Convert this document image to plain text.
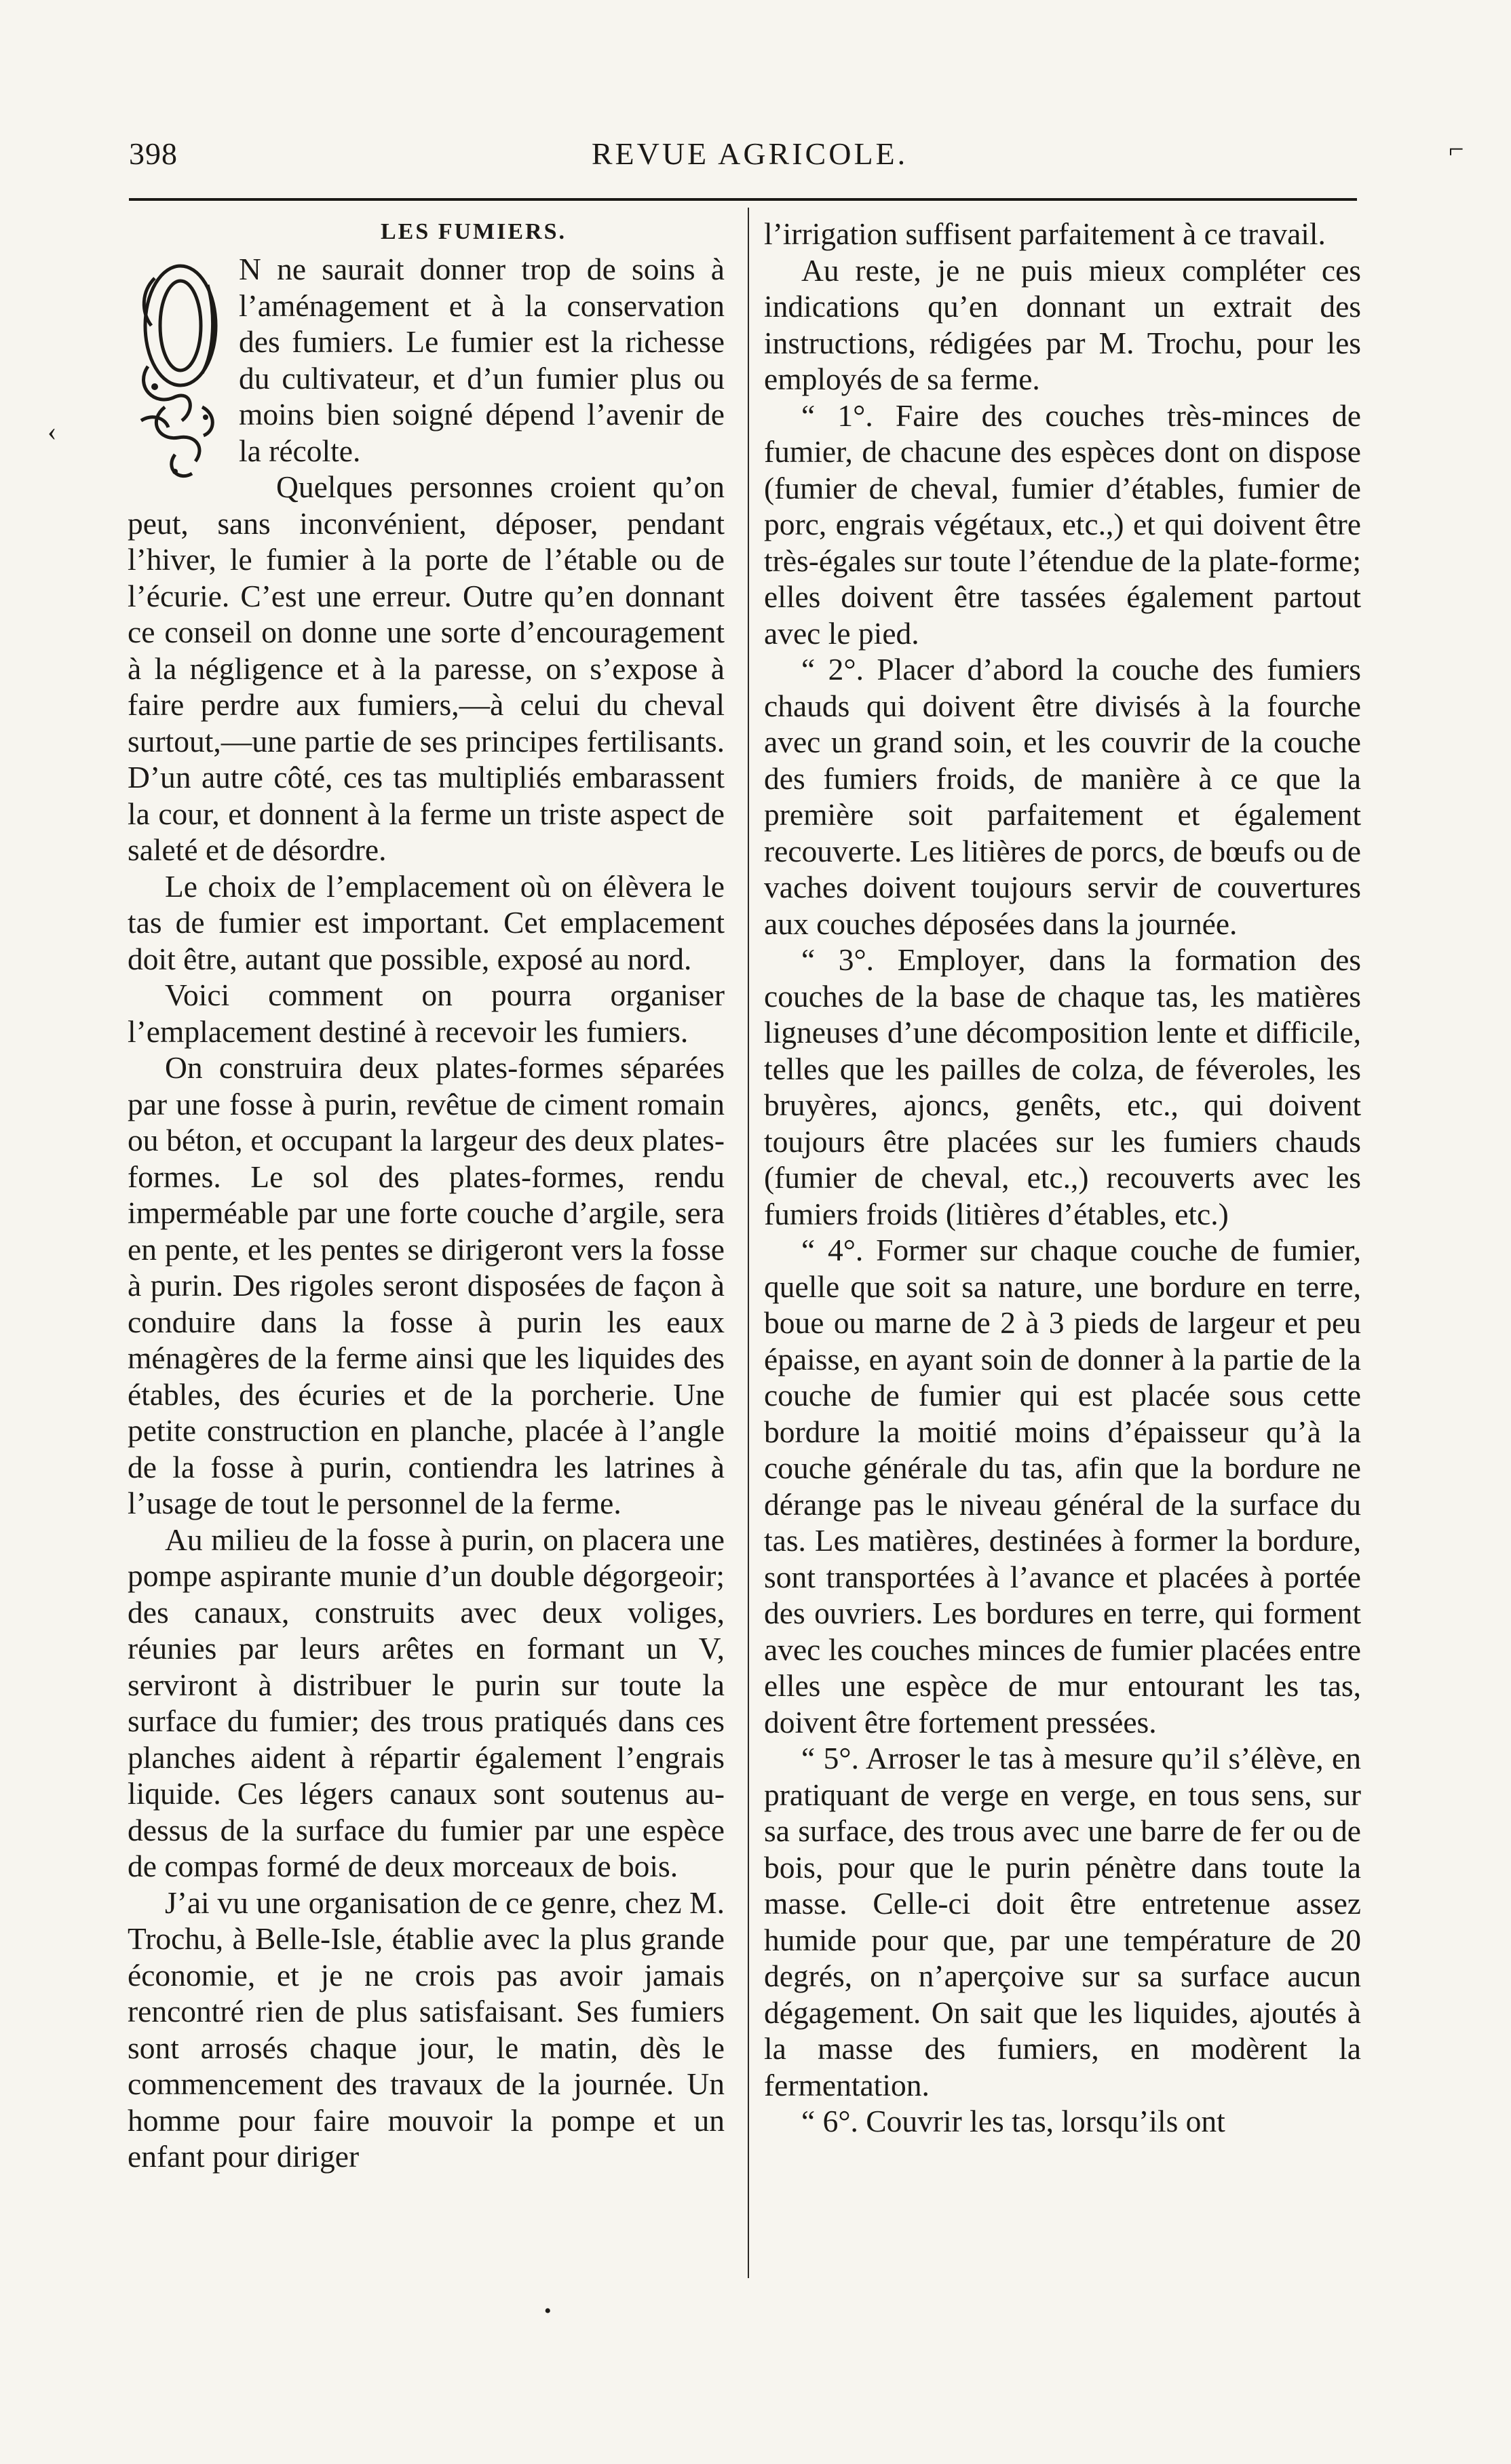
398	REVUE AGRICOLE.	⌐
LES FUMIERS.

N ne saurait donner trop de soins à l’aménagement et à la conservation des fumiers. Le fumier est la richesse du cultivateur, et d’un fumier plus ou moins bien soigné dépend l’avenir de la récolte.

Quelques personnes croient qu’on peut, sans inconvénient, déposer, pendant l’hiver, le fumier à la porte de l’étable ou de l’écurie. C’est une erreur. Outre qu’en donnant ce conseil on donne une sorte d’encouragement à la négligence et à la paresse, on s’expose à faire perdre aux fumiers,—à celui du cheval surtout,—une partie de ses principes fertilisants. D’un autre côté, ces tas multipliés embarassent la cour, et donnent à la ferme un triste aspect de saleté et de désordre.

Le choix de l’emplacement où on élèvera le tas de fumier est important. Cet emplacement doit être, autant que possible, exposé au nord.

Voici comment on pourra organiser l’emplacement destiné à recevoir les fumiers.

On construira deux plates-formes séparées par une fosse à purin, revêtue de ciment romain ou béton, et occupant la largeur des deux plates-formes. Le sol des plates-formes, rendu imperméable par une forte couche d’argile, sera en pente, et les pentes se dirigeront vers la fosse à purin. Des rigoles seront disposées de façon à conduire dans la fosse à purin les eaux ménagères de la ferme ainsi que les liquides des étables, des écuries et de la porcherie. Une petite construction en planche, placée à l’angle de la fosse à purin, contiendra les latrines à l’usage de tout le personnel de la ferme.

Au milieu de la fosse à purin, on placera une pompe aspirante munie d’un double dégorgeoir; des canaux, construits avec deux voliges, réunies par leurs arêtes en formant un V, serviront à distribuer le purin sur toute la surface du fumier; des trous pratiqués dans ces planches aident à répartir également l’engrais liquide. Ces légers canaux sont soutenus au-dessus de la surface du fumier par une espèce de compas formé de deux morceaux de bois.

J’ai vu une organisation de ce genre, chez M. Trochu, à Belle-Isle, établie avec la plus grande économie, et je ne crois pas avoir jamais rencontré rien de plus satisfaisant. Ses fumiers sont arrosés chaque jour, le matin, dès le commencement des travaux de la journée. Un homme pour faire mouvoir la pompe et un enfant pour diriger

l’irrigation suffisent parfaitement à ce travail.

Au reste, je ne puis mieux compléter ces indications qu’en donnant un extrait des instructions, rédigées par M. Trochu, pour les employés de sa ferme.

“ 1°. Faire des couches très-minces de fumier, de chacune des espèces dont on dispose (fumier de cheval, fumier d’étables, fumier de porc, engrais végétaux, etc.,) et qui doivent être très-égales sur toute l’étendue de la plate-forme; elles doivent être tassées également partout avec le pied.

“ 2°. Placer d’abord la couche des fumiers chauds qui doivent être divisés à la fourche avec un grand soin, et les couvrir de la couche des fumiers froids, de manière à ce que la première soit parfaitement et également recouverte. Les litières de porcs, de bœufs ou de vaches doivent toujours servir de couvertures aux couches déposées dans la journée.

“ 3°. Employer, dans la formation des couches de la base de chaque tas, les matières ligneuses d’une décomposition lente et difficile, telles que les pailles de colza, de féveroles, les bruyères, ajoncs, genêts, etc., qui doivent toujours être placées sur les fumiers chauds (fumier de cheval, etc.,) recouverts avec les fumiers froids (litières d’étables, etc.)

“ 4°. Former sur chaque couche de fumier, quelle que soit sa nature, une bordure en terre, boue ou marne de 2 à 3 pieds de largeur et peu épaisse, en ayant soin de donner à la partie de la couche de fumier qui est placée sous cette bordure la moitié moins d’épaisseur qu’à la couche générale du tas, afin que la bordure ne dérange pas le niveau général de la surface du tas. Les matières, destinées à former la bordure, sont transportées à l’avance et placées à portée des ouvriers. Les bordures en terre, qui forment avec les couches minces de fumier placées entre elles une espèce de mur entourant les tas, doivent être fortement pressées.

“ 5°. Arroser le tas à mesure qu’il s’élève, en pratiquant de verge en verge, en tous sens, sur sa surface, des trous avec une barre de fer ou de bois, pour que le purin pénètre dans toute la masse. Celle-ci doit être entretenue assez humide pour que, par une température de 20 degrés, on n’aperçoive sur sa surface aucun dégagement. On sait que les liquides, ajoutés à la masse des fumiers, en modèrent la fermentation.

“ 6°. Couvrir les tas, lorsqu’ils ont

‹
•
